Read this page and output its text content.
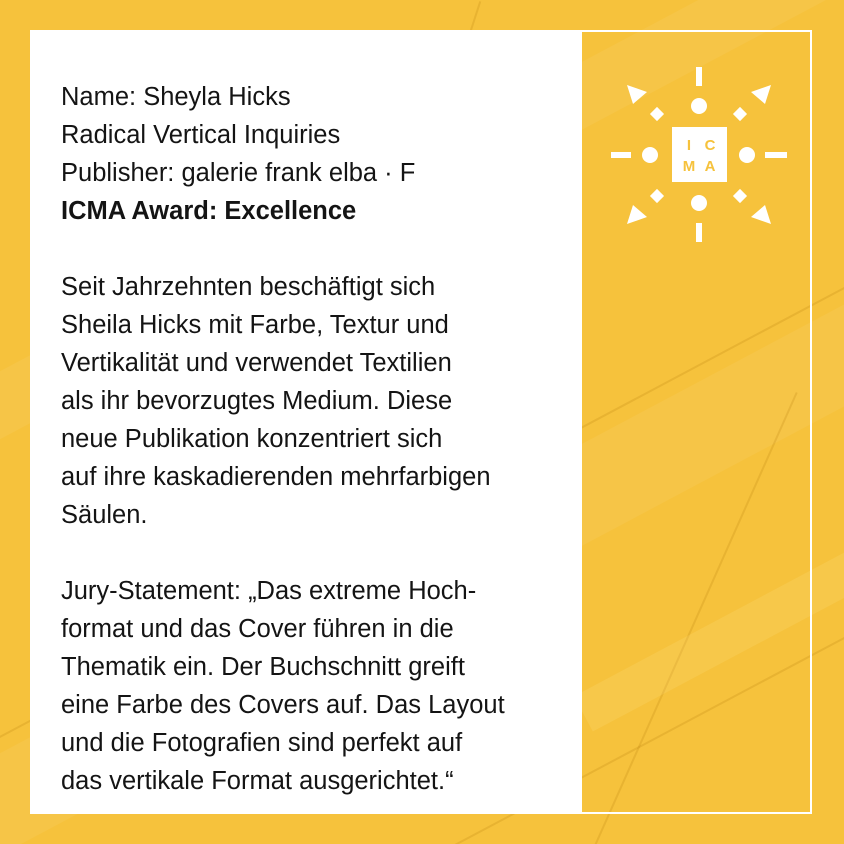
Name: Sheyla Hicks
Radical Vertical Inquiries
Publisher: galerie frank elba · F
ICMA Award: Excellence
Seit Jahrzehnten beschäftigt sich
Sheila Hicks mit Farbe, Textur und
Vertikalität und verwendet Textilien
als ihr bevorzugtes Medium. Diese
neue Publikation konzentriert sich
auf ihre kaskadierenden mehrfarbigen
Säulen.
Jury-Statement: „Das extreme Hoch-
format und das Cover führen in die
Thematik ein. Der Buchschnitt greift
eine Farbe des Covers auf. Das Layout
und die Fotografien sind perfekt auf
das vertikale Format ausgerichtet.“
I C
M A
